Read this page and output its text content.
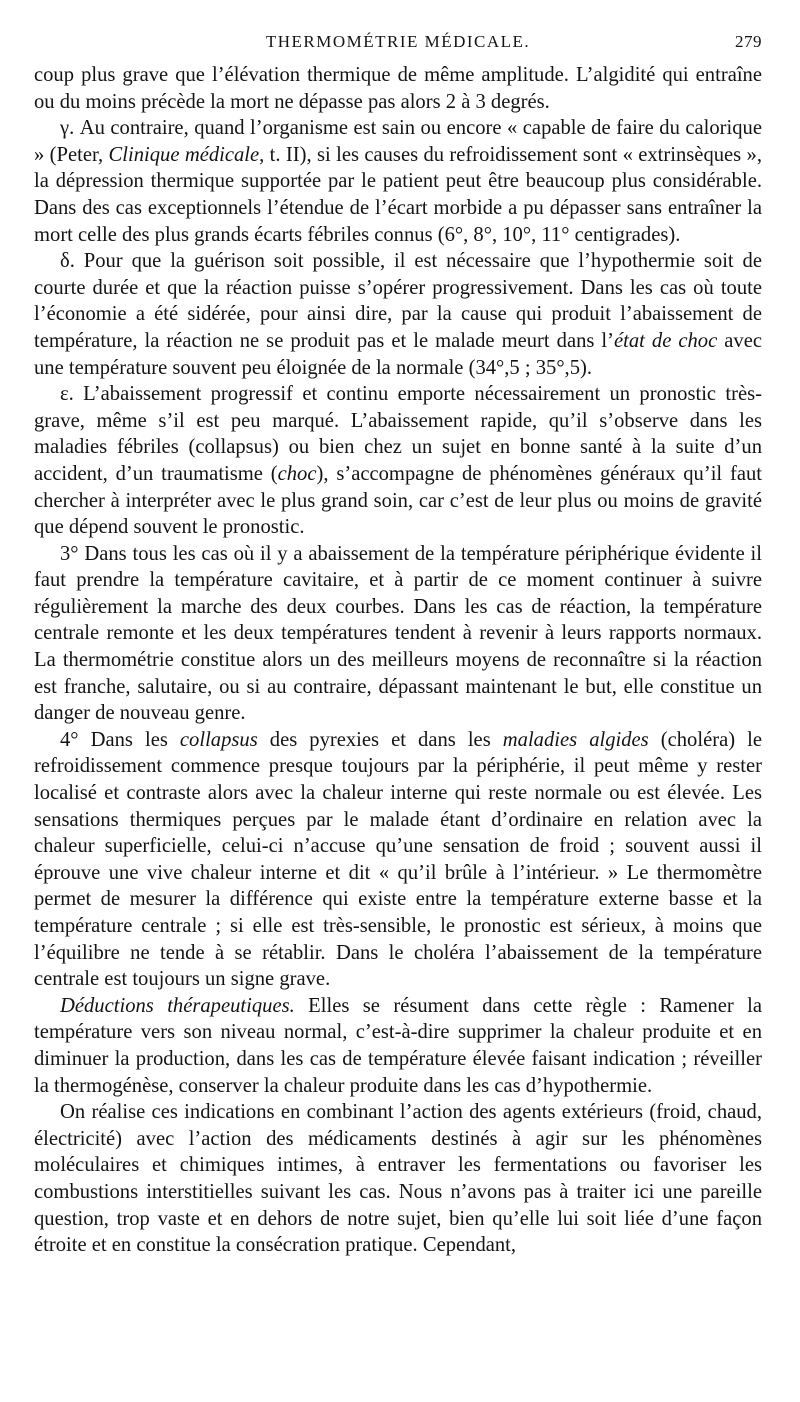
THERMOMÉTRIE MÉDICALE.	279

coup plus grave que l’élévation thermique de même amplitude. L’algidité qui entraîne ou du moins précède la mort ne dépasse pas alors 2 à 3 degrés.

γ. Au contraire, quand l’organisme est sain ou encore « capable de faire du calorique » (Peter, Clinique médicale, t. II), si les causes du refroidissement sont « extrinsèques », la dépression thermique supportée par le patient peut être beaucoup plus considérable. Dans des cas exceptionnels l’étendue de l’écart morbide a pu dépasser sans entraîner la mort celle des plus grands écarts fébriles connus (6°, 8°, 10°, 11° centigrades).

δ. Pour que la guérison soit possible, il est nécessaire que l’hypothermie soit de courte durée et que la réaction puisse s’opérer progressivement. Dans les cas où toute l’économie a été sidérée, pour ainsi dire, par la cause qui produit l’abaissement de température, la réaction ne se produit pas et le malade meurt dans l’état de choc avec une température souvent peu éloignée de la normale (34°,5 ; 35°,5).

ε. L’abaissement progressif et continu emporte nécessairement un pronostic très-grave, même s’il est peu marqué. L’abaissement rapide, qu’il s’observe dans les maladies fébriles (collapsus) ou bien chez un sujet en bonne santé à la suite d’un accident, d’un traumatisme (choc), s’accompagne de phénomènes généraux qu’il faut chercher à interpréter avec le plus grand soin, car c’est de leur plus ou moins de gravité que dépend souvent le pronostic.

3° Dans tous les cas où il y a abaissement de la température périphérique évidente il faut prendre la température cavitaire, et à partir de ce moment continuer à suivre régulièrement la marche des deux courbes. Dans les cas de réaction, la température centrale remonte et les deux températures tendent à revenir à leurs rapports normaux. La thermométrie constitue alors un des meilleurs moyens de reconnaître si la réaction est franche, salutaire, ou si au contraire, dépassant maintenant le but, elle constitue un danger de nouveau genre.

4° Dans les collapsus des pyrexies et dans les maladies algides (choléra) le refroidissement commence presque toujours par la périphérie, il peut même y rester localisé et contraste alors avec la chaleur interne qui reste normale ou est élevée. Les sensations thermiques perçues par le malade étant d’ordinaire en relation avec la chaleur superficielle, celui-ci n’accuse qu’une sensation de froid ; souvent aussi il éprouve une vive chaleur interne et dit « qu’il brûle à l’intérieur. » Le thermomètre permet de mesurer la différence qui existe entre la température externe basse et la température centrale ; si elle est très-sensible, le pronostic est sérieux, à moins que l’équilibre ne tende à se rétablir. Dans le choléra l’abaissement de la température centrale est toujours un signe grave.

Déductions thérapeutiques. Elles se résument dans cette règle : Ramener la température vers son niveau normal, c’est-à-dire supprimer la chaleur produite et en diminuer la production, dans les cas de température élevée faisant indication ; réveiller la thermogénèse, conserver la chaleur produite dans les cas d’hypothermie.

On réalise ces indications en combinant l’action des agents extérieurs (froid, chaud, électricité) avec l’action des médicaments destinés à agir sur les phénomènes moléculaires et chimiques intimes, à entraver les fermentations ou favoriser les combustions interstitielles suivant les cas. Nous n’avons pas à traiter ici une pareille question, trop vaste et en dehors de notre sujet, bien qu’elle lui soit liée d’une façon étroite et en constitue la consécration pratique. Cependant,
